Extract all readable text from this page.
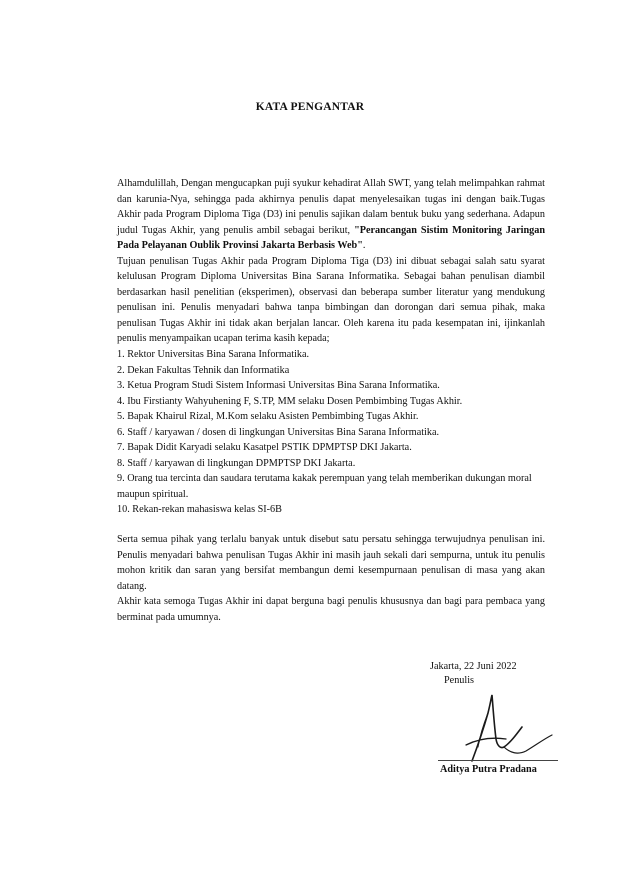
KATA PENGANTAR

Alhamdulillah, Dengan mengucapkan puji syukur kehadirat Allah SWT, yang telah melimpahkan rahmat dan karunia-Nya, sehingga pada akhirnya penulis dapat menyelesaikan tugas ini dengan baik.Tugas Akhir pada Program Diploma Tiga (D3) ini penulis sajikan dalam bentuk buku yang sederhana. Adapun judul Tugas Akhir, yang penulis ambil sebagai berikut, "Perancangan Sistim Monitoring Jaringan Pada Pelayanan Oublik Provinsi Jakarta Berbasis Web".

Tujuan penulisan Tugas Akhir pada Program Diploma Tiga (D3) ini dibuat sebagai salah satu syarat kelulusan Program Diploma Universitas Bina Sarana Informatika. Sebagai bahan penulisan diambil berdasarkan hasil penelitian (eksperimen), observasi dan beberapa sumber literatur yang mendukung penulisan ini. Penulis menyadari bahwa tanpa bimbingan dan dorongan dari semua pihak, maka penulisan Tugas Akhir ini tidak akan berjalan lancar. Oleh karena itu pada kesempatan ini, ijinkanlah penulis menyampaikan ucapan terima kasih kepada;

1. Rektor Universitas Bina Sarana Informatika.
2. Dekan Fakultas Tehnik dan Informatika
3. Ketua Program Studi Sistem Informasi Universitas Bina Sarana Informatika.
4. Ibu Firstianty Wahyuhening F, S.TP, MM selaku Dosen Pembimbing Tugas Akhir.
5. Bapak Khairul Rizal, M.Kom selaku Asisten Pembimbing Tugas Akhir.
6. Staff / karyawan / dosen di lingkungan Universitas Bina Sarana Informatika.
7. Bapak Didit Karyadi selaku Kasatpel PSTIK DPMPTSP DKI Jakarta.
8. Staff / karyawan di lingkungan DPMPTSP DKI Jakarta.
9. Orang tua tercinta dan saudara terutama kakak perempuan yang telah memberikan dukungan moral maupun spiritual.
10. Rekan-rekan mahasiswa kelas SI-6B

Serta semua pihak yang terlalu banyak untuk disebut satu persatu sehingga terwujudnya penulisan ini. Penulis menyadari bahwa penulisan Tugas Akhir ini masih jauh sekali dari sempurna, untuk itu penulis mohon kritik dan saran yang bersifat membangun demi kesempurnaan penulisan di masa yang akan datang.

Akhir kata semoga Tugas Akhir ini dapat berguna bagi penulis khususnya dan bagi para pembaca yang berminat pada umumnya.

Jakarta, 22 Juni 2022
Penulis
Aditya Putra Pradana
